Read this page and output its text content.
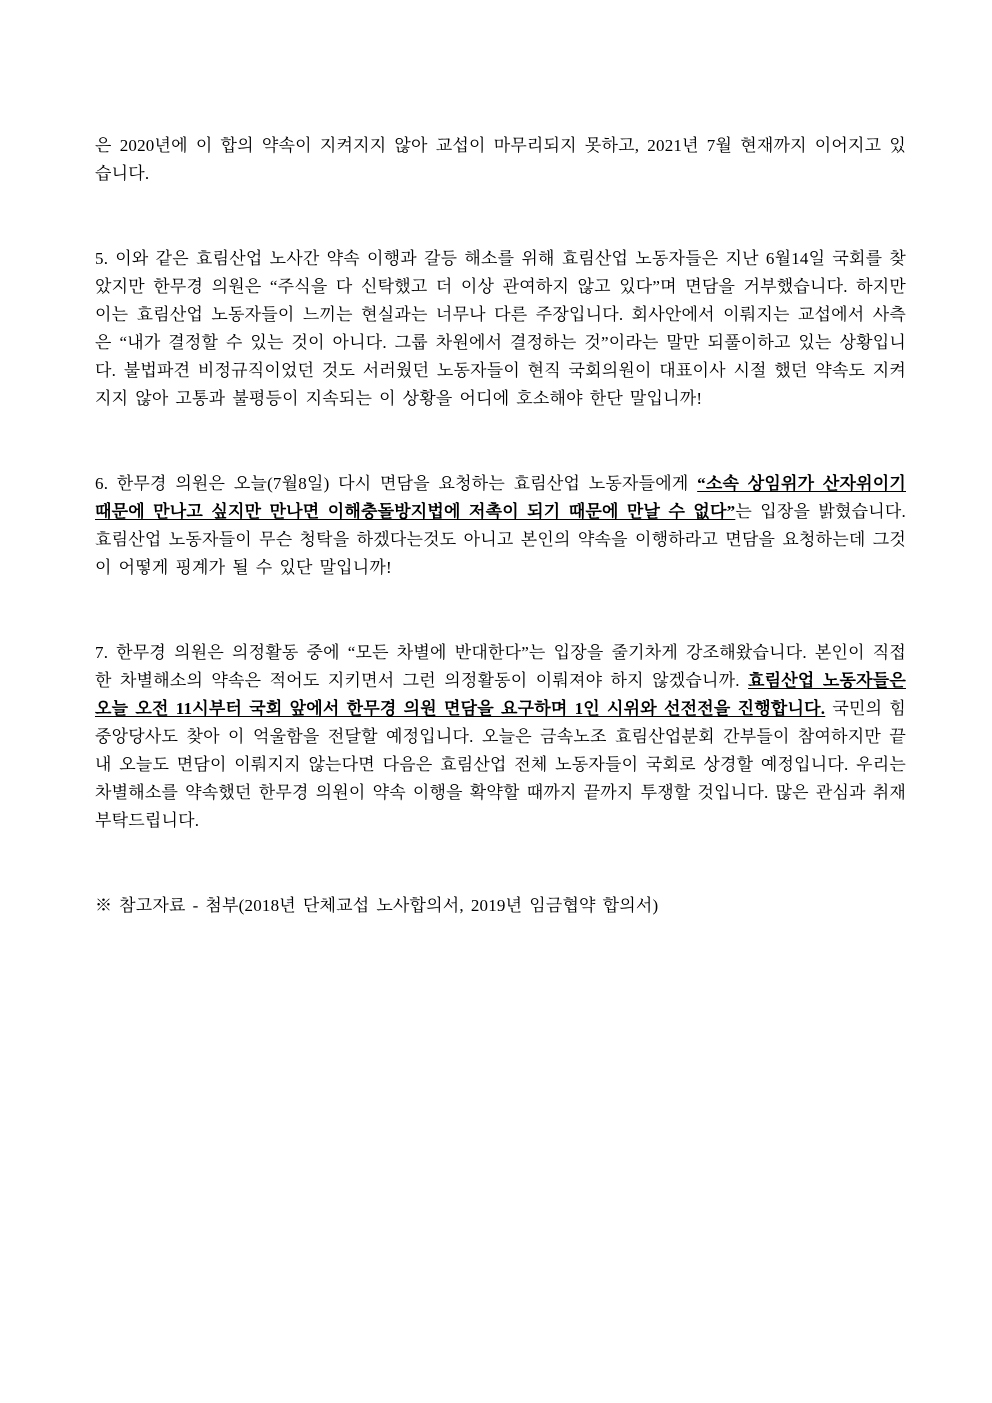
은 2020년에 이 합의 약속이 지켜지지 않아 교섭이 마무리되지 못하고, 2021년 7월 현재까지 이어지고 있습니다.

5. 이와 같은 효림산업 노사간 약속 이행과 갈등 해소를 위해 효림산업 노동자들은 지난 6월14일 국회를 찾았지만 한무경 의원은 “주식을 다 신탁했고 더 이상 관여하지 않고 있다”며 면담을 거부했습니다. 하지만 이는 효림산업 노동자들이 느끼는 현실과는 너무나 다른 주장입니다. 회사안에서 이뤄지는 교섭에서 사측은 “내가 결정할 수 있는 것이 아니다. 그룹 차원에서 결정하는 것”이라는 말만 되풀이하고 있는 상황입니다. 불법파견 비정규직이었던 것도 서러웠던 노동자들이 현직 국회의원이 대표이사 시절 했던 약속도 지켜지지 않아 고통과 불평등이 지속되는 이 상황을 어디에 호소해야 한단 말입니까!

6. 한무경 의원은 오늘(7월8일) 다시 면담을 요청하는 효림산업 노동자들에게 “소속 상임위가 산자위이기 때문에 만나고 싶지만 만나면 이해충돌방지법에 저촉이 되기 때문에 만날 수 없다”는 입장을 밝혔습니다. 효림산업 노동자들이 무슨 청탁을 하겠다는것도 아니고 본인의 약속을 이행하라고 면담을 요청하는데 그것이 어떻게 핑계가 될 수 있단 말입니까!

7. 한무경 의원은 의정활동 중에 “모든 차별에 반대한다”는 입장을 줄기차게 강조해왔습니다. 본인이 직접 한 차별해소의 약속은 적어도 지키면서 그런 의정활동이 이뤄져야 하지 않겠습니까. 효림산업 노동자들은 오늘 오전 11시부터 국회 앞에서 한무경 의원 면담을 요구하며 1인 시위와 선전전을 진행합니다. 국민의 힘 중앙당사도 찾아 이 억울함을 전달할 예정입니다. 오늘은 금속노조 효림산업분회 간부들이 참여하지만 끝내 오늘도 면담이 이뤄지지 않는다면 다음은 효림산업 전체 노동자들이 국회로 상경할 예정입니다. 우리는 차별해소를 약속했던 한무경 의원이 약속 이행을 확약할 때까지 끝까지 투쟁할 것입니다. 많은 관심과 취재 부탁드립니다.

※ 참고자료 - 첨부(2018년 단체교섭 노사합의서, 2019년 임금협약 합의서)
